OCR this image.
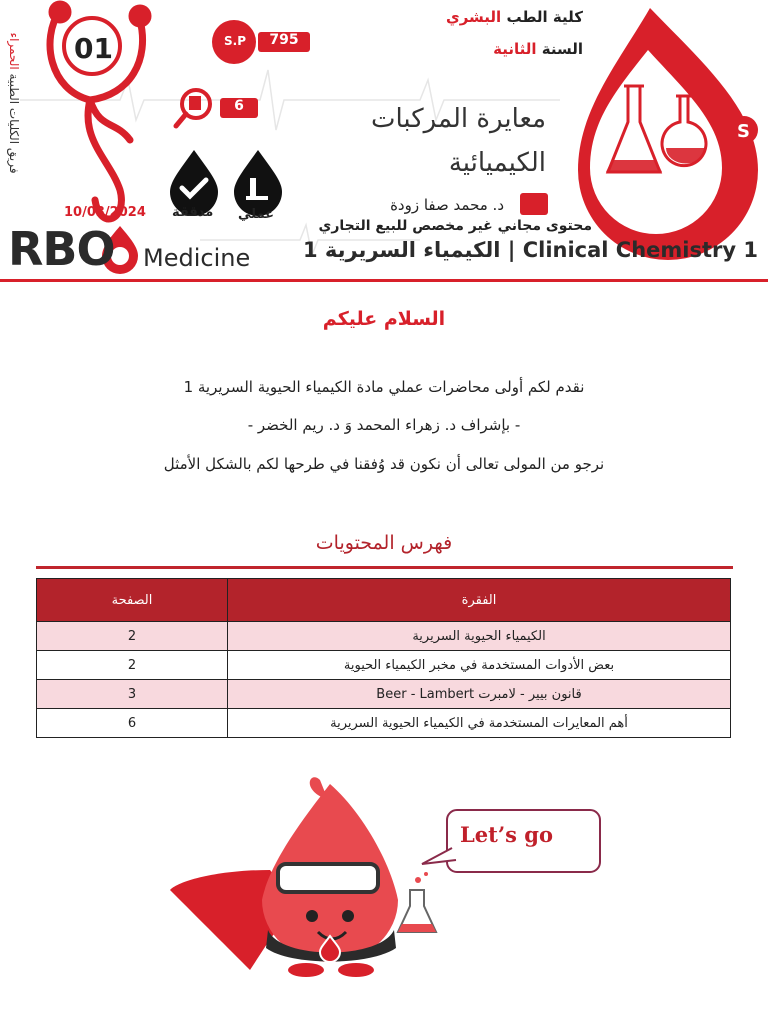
S
فريق الكليات الطبية الحمراء 01	S.P	795
6
كلية الطب البشري
السنة الثانية
معايرة المركبات
الكيميائية
د. محمد صفا زودة
محتوى مجاني غير مخصص للبيع التجاري
10/03/2024 مدققة عملي
RBO Medicine	الكيمياء السريرية 1 | Clinical Chemistry 1
السلام عليكم
نقدم لكم أولى محاضرات عملي مادة الكيمياء الحيوية السريرية 1
- بإشراف د. زهراء المحمد وَ د. ريم الخضر -
نرجو من المولى تعالى أن نكون قد وُفقنا في طرحها لكم بالشكل الأمثل
فهرس المحتويات
الفقرة	الصفحة
الكيمياء الحيوية السريرية	2
بعض الأدوات المستخدمة في مخبر الكيمياء الحيوية	2
قانون بيير - لامبرت Beer - Lambert	3
أهم المعايرات المستخدمة في الكيمياء الحيوية السريرية	6
Let’s go
